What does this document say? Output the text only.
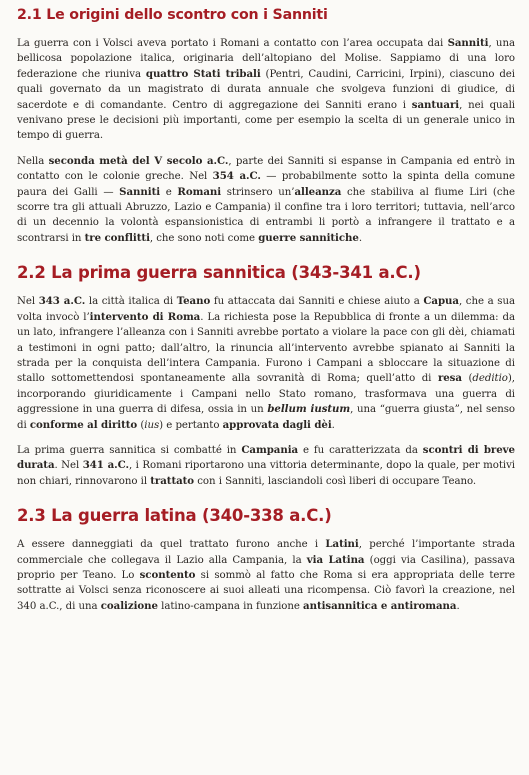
2.1 Le origini dello scontro con i Sanniti

La guerra con i Volsci aveva portato i Romani a contatto con l’area occupata dai Sanniti, una bellicosa popolazione italica, originaria dell’altopiano del Molise. Sappiamo di una loro federazione che riuniva quattro Stati tribali (Pentri, Caudini, Carricini, Irpini), ciascuno dei quali governato da un magistrato di durata annuale che svolgeva funzioni di giudice, di sacerdote e di comandante. Centro di aggregazione dei Sanniti erano i santuari, nei quali venivano prese le decisioni più importanti, come per esempio la scelta di un generale unico in tempo di guerra.

Nella seconda metà del V secolo a.C., parte dei Sanniti si espanse in Campania ed entrò in contatto con le colonie greche. Nel 354 a.C. — probabilmente sotto la spinta della comune paura dei Galli — Sanniti e Romani strinsero un’alleanza che stabiliva al fiume Liri (che scorre tra gli attuali Abruzzo, Lazio e Campania) il confine tra i loro territori; tuttavia, nell’arco di un decennio la volontà espansionistica di entrambi li portò a infrangere il trattato e a scontrarsi in tre conflitti, che sono noti come guerre sannitiche.

2.2 La prima guerra sannitica (343-341 a.C.)

Nel 343 a.C. la città italica di Teano fu attaccata dai Sanniti e chiese aiuto a Capua, che a sua volta invocò l’intervento di Roma. La richiesta pose la Repubblica di fronte a un dilemma: da un lato, infrangere l’alleanza con i Sanniti avrebbe portato a violare la pace con gli dèi, chiamati a testimoni in ogni patto; dall’altro, la rinuncia all’intervento avrebbe spianato ai Sanniti la strada per la conquista dell’intera Campania. Furono i Campani a sbloccare la situazione di stallo sottomettendosi spontaneamente alla sovranità di Roma; quell’atto di resa (deditio), incorporando giuridicamente i Campani nello Stato romano, trasformava una guerra di aggressione in una guerra di difesa, ossia in un bellum iustum, una “guerra giusta”, nel senso di conforme al diritto (ius) e pertanto approvata dagli dèi.

La prima guerra sannitica si combatté in Campania e fu caratterizzata da scontri di breve durata. Nel 341 a.C., i Romani riportarono una vittoria determinante, dopo la quale, per motivi non chiari, rinnovarono il trattato con i Sanniti, lasciandoli così liberi di occupare Teano.

2.3 La guerra latina (340-338 a.C.)

A essere danneggiati da quel trattato furono anche i Latini, perché l’importante strada commerciale che collegava il Lazio alla Campania, la via Latina (oggi via Casilina), passava proprio per Teano. Lo scontento si sommò al fatto che Roma si era appropriata delle terre sottratte ai Volsci senza riconoscere ai suoi alleati una ricompensa. Ciò favorì la creazione, nel 340 a.C., di una coalizione latino-campana in funzione antisannitica e antiromana.
